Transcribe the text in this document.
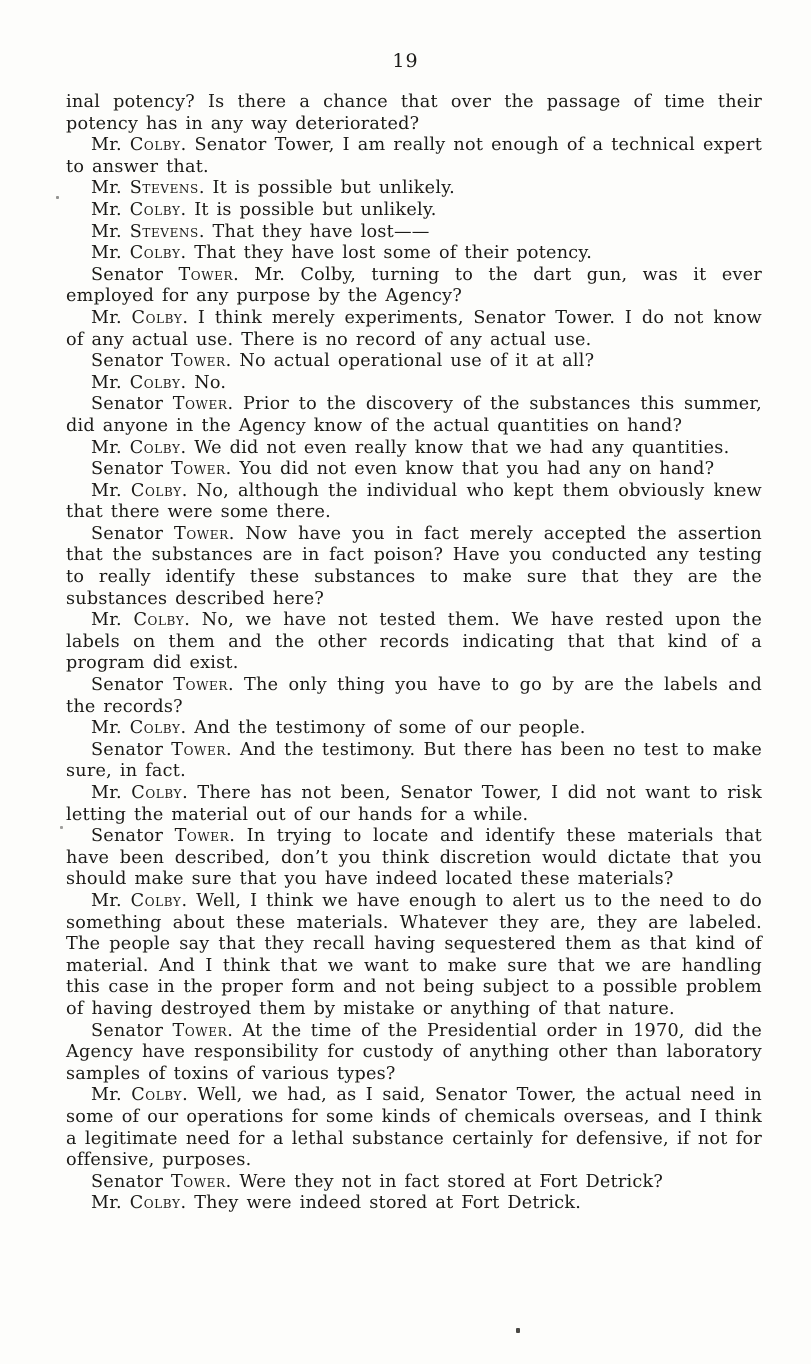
19

inal potency? Is there a chance that over the passage of time their potency has in any way deteriorated?

Mr. Colby. Senator Tower, I am really not enough of a technical expert to answer that.

Mr. Stevens. It is possible but unlikely.

Mr. Colby. It is possible but unlikely.

Mr. Stevens. That they have lost——

Mr. Colby. That they have lost some of their potency.

Senator Tower. Mr. Colby, turning to the dart gun, was it ever employed for any purpose by the Agency?

Mr. Colby. I think merely experiments, Senator Tower. I do not know of any actual use. There is no record of any actual use.

Senator Tower. No actual operational use of it at all?

Mr. Colby. No.

Senator Tower. Prior to the discovery of the substances this summer, did anyone in the Agency know of the actual quantities on hand?

Mr. Colby. We did not even really know that we had any quantities.

Senator Tower. You did not even know that you had any on hand?

Mr. Colby. No, although the individual who kept them obviously knew that there were some there.

Senator Tower. Now have you in fact merely accepted the assertion that the substances are in fact poison? Have you conducted any testing to really identify these substances to make sure that they are the substances described here?

Mr. Colby. No, we have not tested them. We have rested upon the labels on them and the other records indicating that that kind of a program did exist.

Senator Tower. The only thing you have to go by are the labels and the records?

Mr. Colby. And the testimony of some of our people.

Senator Tower. And the testimony. But there has been no test to make sure, in fact.

Mr. Colby. There has not been, Senator Tower, I did not want to risk letting the material out of our hands for a while.

Senator Tower. In trying to locate and identify these materials that have been described, don’t you think discretion would dictate that you should make sure that you have indeed located these materials?

Mr. Colby. Well, I think we have enough to alert us to the need to do something about these materials. Whatever they are, they are labeled. The people say that they recall having sequestered them as that kind of material. And I think that we want to make sure that we are handling this case in the proper form and not being subject to a possible problem of having destroyed them by mistake or anything of that nature.

Senator Tower. At the time of the Presidential order in 1970, did the Agency have responsibility for custody of anything other than laboratory samples of toxins of various types?

Mr. Colby. Well, we had, as I said, Senator Tower, the actual need in some of our operations for some kinds of chemicals overseas, and I think a legitimate need for a lethal substance certainly for defensive, if not for offensive, purposes.

Senator Tower. Were they not in fact stored at Fort Detrick?

Mr. Colby. They were indeed stored at Fort Detrick.
